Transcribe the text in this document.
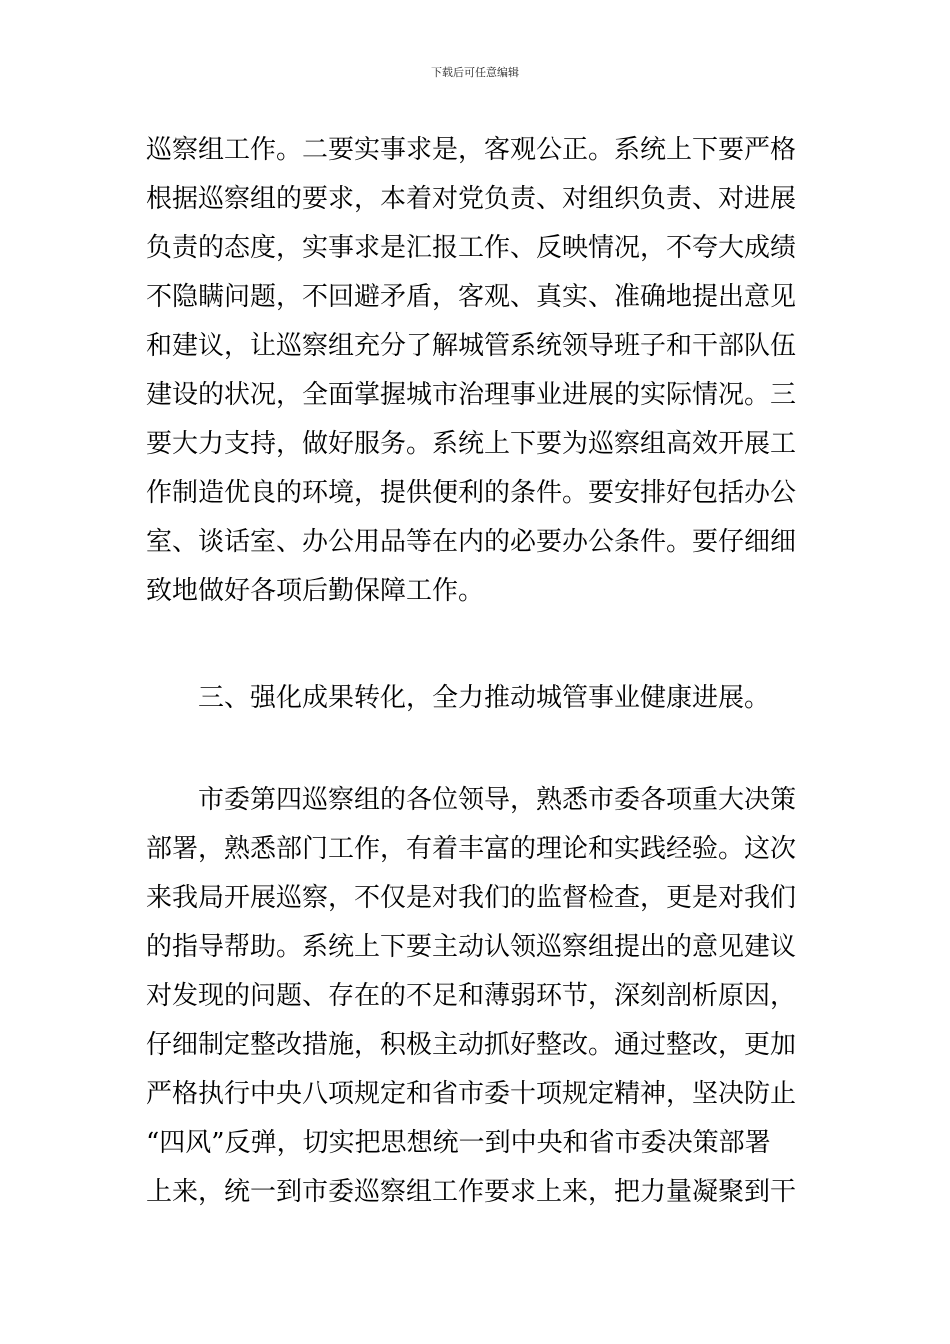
下载后可任意编辑
巡察组工作。二要实事求是，客观公正。系统上下要严格
根据巡察组的要求，本着对党负责、对组织负责、对进展
负责的态度，实事求是汇报工作、反映情况，不夸大成绩
不隐瞒问题，不回避矛盾，客观、真实、准确地提出意见
和建议，让巡察组充分了解城管系统领导班子和干部队伍
建设的状况，全面掌握城市治理事业进展的实际情况。三
要大力支持，做好服务。系统上下要为巡察组高效开展工
作制造优良的环境，提供便利的条件。要安排好包括办公
室、谈话室、办公用品等在内的必要办公条件。要仔细细
致地做好各项后勤保障工作。
三、强化成果转化，全力推动城管事业健康进展。
市委第四巡察组的各位领导，熟悉市委各项重大决策
部署，熟悉部门工作，有着丰富的理论和实践经验。这次
来我局开展巡察，不仅是对我们的监督检查，更是对我们
的指导帮助。系统上下要主动认领巡察组提出的意见建议
对发现的问题、存在的不足和薄弱环节，深刻剖析原因，
仔细制定整改措施，积极主动抓好整改。通过整改，更加
严格执行中央八项规定和省市委十项规定精神，坚决防止
“四风”反弹，切实把思想统一到中央和省市委决策部署
上来，统一到市委巡察组工作要求上来，把力量凝聚到干
